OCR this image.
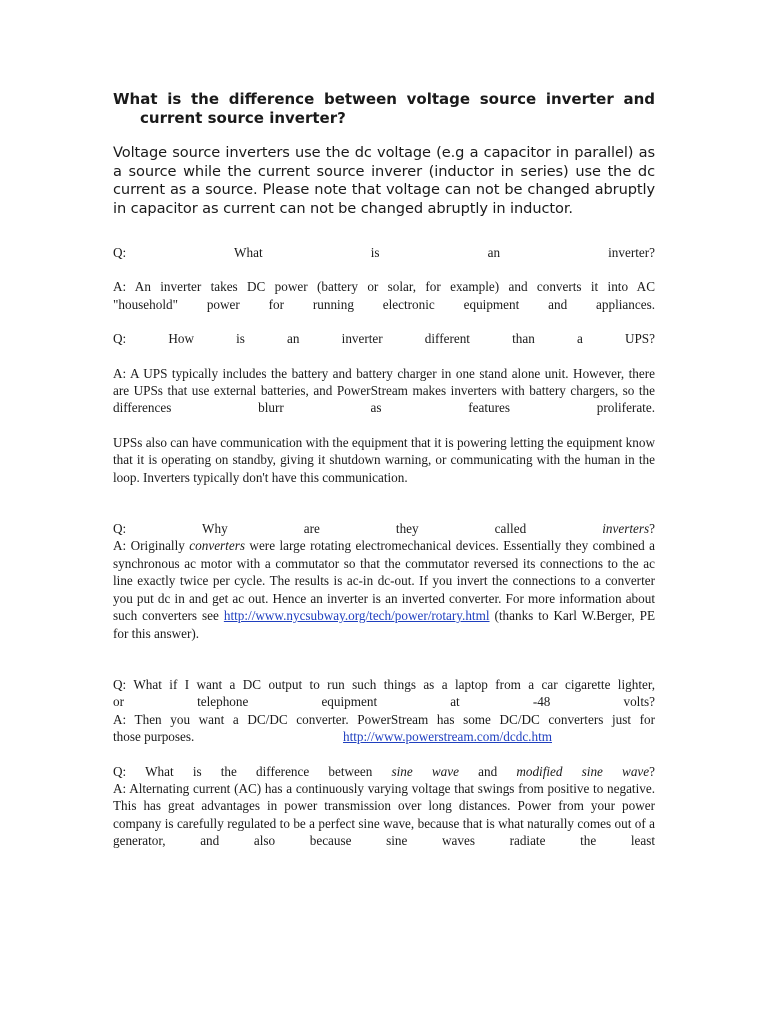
What is the difference between voltage source inverter and current source inverter?

Voltage source inverters use the dc voltage (e.g a capacitor in parallel) as a source while the current source inverer (inductor in series) use the dc current as a source. Please note that voltage can not be changed abruptly in capacitor as current can not be changed abruptly in inductor.

Q: What is an inverter?

A: An inverter takes DC power (battery or solar, for example) and converts it into AC

"household" power for running electronic equipment and appliances.

Q: How is an inverter different than a UPS?

A: A UPS typically includes the battery and battery charger in one stand alone unit. However, there are UPSs that use external batteries, and PowerStream makes inverters with battery chargers, so the differences blurr as features proliferate.

UPSs also can have communication with the equipment that it is powering letting the equipment know that it is operating on standby, giving it shutdown warning, or communicating with the human in the loop. Inverters typically don't have this communication.

Q: Why are they called inverters?

A: Originally converters were large rotating electromechanical devices. Essentially they combined a synchronous ac motor with a commutator so that the commutator reversed its connections to the ac line exactly twice per cycle. The results is ac-in dc-out. If you invert the connections to a converter you put dc in and get ac out. Hence an inverter is an inverted converter. For more information about such converters see http://www.nycsubway.org/tech/power/rotary.html (thanks to Karl W.Berger, PE for this answer).

Q: What if I want a DC output to run such things as a laptop from a car cigarette lighter,

or telephone equipment at -48 volts?

A: Then you want a DC/DC converter. PowerStream has some DC/DC converters just for

those purposes.	http://www.powerstream.com/dcdc.htm

Q: What is the difference between sine wave and modified sine wave?

A: Alternating current (AC) has a continuously varying voltage that swings from positive to negative. This has great advantages in power transmission over long distances. Power from your power company is carefully regulated to be a perfect sine wave, because that is what naturally comes out of a generator, and also because sine waves radiate the least
